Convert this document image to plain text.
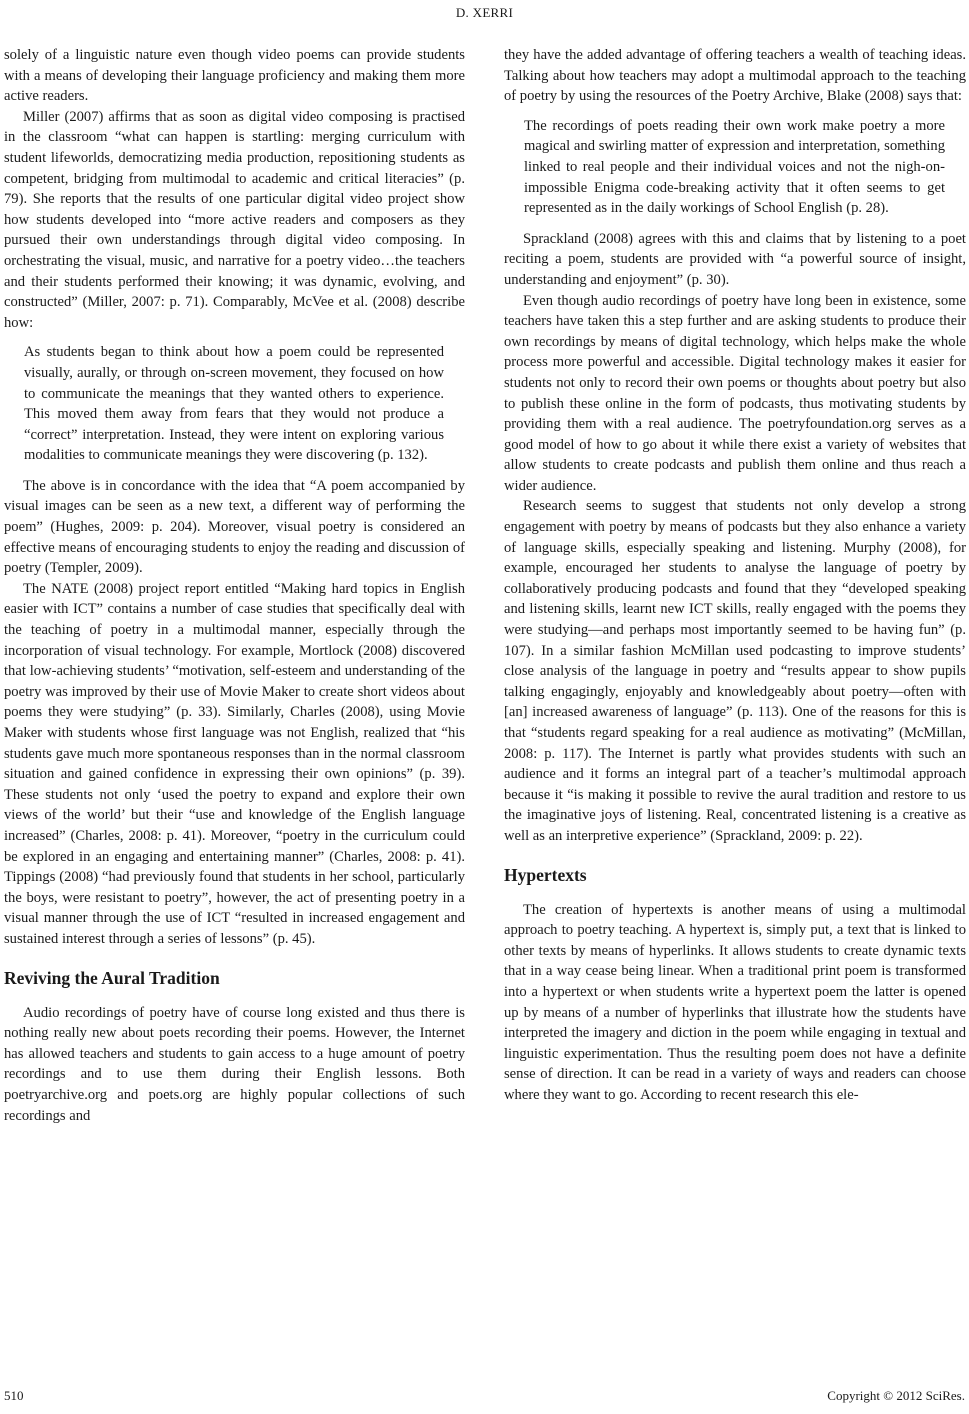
D. XERRI

solely of a linguistic nature even though video poems can provide students with a means of developing their language proficiency and making them more active readers.

Miller (2007) affirms that as soon as digital video composing is practised in the classroom “what can happen is startling: merging curriculum with student lifeworlds, democratizing media production, repositioning students as competent, bridging from multimodal to academic and critical literacies” (p. 79). She reports that the results of one particular digital video project show how students developed into “more active readers and composers as they pursued their own understandings through digital video composing. In orchestrating the visual, music, and narrative for a poetry video…the teachers and their students performed their knowing; it was dynamic, evolving, and constructed” (Miller, 2007: p. 71). Comparably, McVee et al. (2008) describe how:

As students began to think about how a poem could be represented visually, aurally, or through on-screen movement, they focused on how to communicate the meanings that they wanted others to experience. This moved them away from fears that they would not produce a “correct” interpretation. Instead, they were intent on exploring various modalities to communicate meanings they were discovering (p. 132).

The above is in concordance with the idea that “A poem accompanied by visual images can be seen as a new text, a different way of performing the poem” (Hughes, 2009: p. 204). Moreover, visual poetry is considered an effective means of encouraging students to enjoy the reading and discussion of poetry (Templer, 2009).

The NATE (2008) project report entitled “Making hard topics in English easier with ICT” contains a number of case studies that specifically deal with the teaching of poetry in a multimodal manner, especially through the incorporation of visual technology. For example, Mortlock (2008) discovered that low-achieving students’ “motivation, self-esteem and understanding of the poetry was improved by their use of Movie Maker to create short videos about poems they were studying” (p. 33). Similarly, Charles (2008), using Movie Maker with students whose first language was not English, realized that “his students gave much more spontaneous responses than in the normal classroom situation and gained confidence in expressing their own opinions” (p. 39). These students not only ‘used the poetry to expand and explore their own views of the world’ but their “use and knowledge of the English language increased” (Charles, 2008: p. 41). Moreover, “poetry in the curriculum could be explored in an engaging and entertaining manner” (Charles, 2008: p. 41). Tippings (2008) “had previously found that students in her school, particularly the boys, were resistant to poetry”, however, the act of presenting poetry in a visual manner through the use of ICT “resulted in increased engagement and sustained interest through a series of lessons” (p. 45).

Reviving the Aural Tradition

Audio recordings of poetry have of course long existed and thus there is nothing really new about poets recording their poems. However, the Internet has allowed teachers and students to gain access to a huge amount of poetry recordings and to use them during their English lessons. Both poetryarchive.org and poets.org are highly popular collections of such recordings and

they have the added advantage of offering teachers a wealth of teaching ideas. Talking about how teachers may adopt a multimodal approach to the teaching of poetry by using the resources of the Poetry Archive, Blake (2008) says that:

The recordings of poets reading their own work make poetry a more magical and swirling matter of expression and interpretation, something linked to real people and their individual voices and not the nigh-on-impossible Enigma code-breaking activity that it often seems to get represented as in the daily workings of School English (p. 28).

Sprackland (2008) agrees with this and claims that by listening to a poet reciting a poem, students are provided with “a powerful source of insight, understanding and enjoyment” (p. 30).

Even though audio recordings of poetry have long been in existence, some teachers have taken this a step further and are asking students to produce their own recordings by means of digital technology, which helps make the whole process more powerful and accessible. Digital technology makes it easier for students not only to record their own poems or thoughts about poetry but also to publish these online in the form of podcasts, thus motivating students by providing them with a real audience. The poetryfoundation.org serves as a good model of how to go about it while there exist a variety of websites that allow students to create podcasts and publish them online and thus reach a wider audience.

Research seems to suggest that students not only develop a strong engagement with poetry by means of podcasts but they also enhance a variety of language skills, especially speaking and listening. Murphy (2008), for example, encouraged her students to analyse the language of poetry by collaboratively producing podcasts and found that they “developed speaking and listening skills, learnt new ICT skills, really engaged with the poems they were studying—and perhaps most importantly seemed to be having fun” (p. 107). In a similar fashion McMillan used podcasting to improve students’ close analysis of the language in poetry and “results appear to show pupils talking engagingly, enjoyably and knowledgeably about poetry—often with [an] increased awareness of language” (p. 113). One of the reasons for this is that “students regard speaking for a real audience as motivating” (McMillan, 2008: p. 117). The Internet is partly what provides students with such an audience and it forms an integral part of a teacher’s multimodal approach because it “is making it possible to revive the aural tradition and restore to us the imaginative joys of listening. Real, concentrated listening is a creative as well as an interpretive experience” (Sprackland, 2009: p. 22).

Hypertexts

The creation of hypertexts is another means of using a multimodal approach to poetry teaching. A hypertext is, simply put, a text that is linked to other texts by means of hyperlinks. It allows students to create dynamic texts that in a way cease being linear. When a traditional print poem is transformed into a hypertext or when students write a hypertext poem the latter is opened up by means of a number of hyperlinks that illustrate how the students have interpreted the imagery and diction in the poem while engaging in textual and linguistic experimentation. Thus the resulting poem does not have a definite sense of direction. It can be read in a variety of ways and readers can choose where they want to go. According to recent research this ele-

510	Copyright © 2012 SciRes.
